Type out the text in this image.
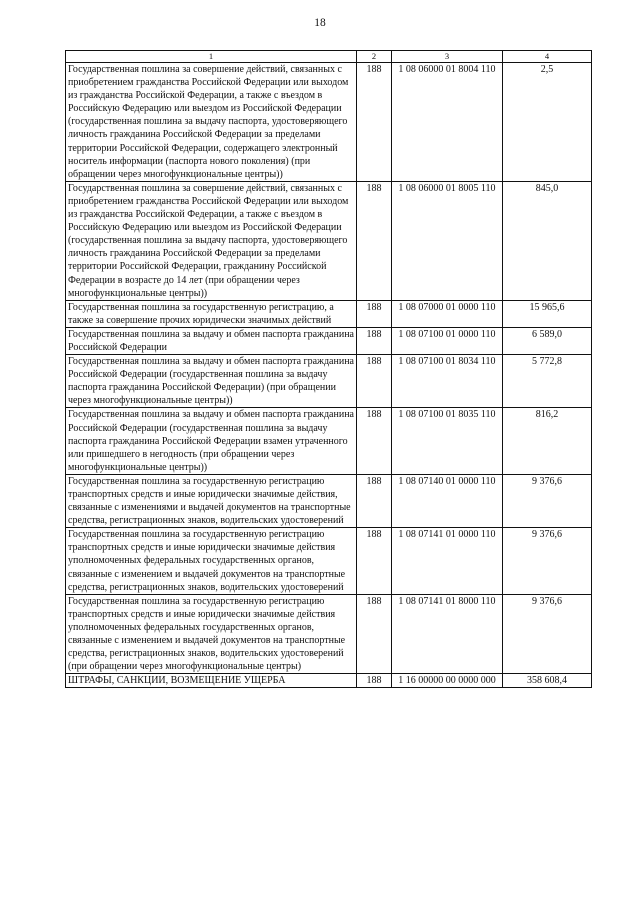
18
1	2	3	4
Государственная пошлина за совершение действий, связанных с приобретением гражданства Российской Федерации или выходом из гражданства Российской Федерации, а также с въездом в Российскую Федерацию или выездом из Российской Федерации (государственная пошлина за выдачу паспорта, удостоверяющего личность гражданина Российской Федерации за пределами территории Российской Федерации, содержащего электронный носитель информации (паспорта нового поколения) (при обращении через многофункциональные центры))	188	1 08 06000 01 8004 110	2,5
Государственная пошлина за совершение действий, связанных с приобретением гражданства Российской Федерации или выходом из гражданства Российской Федерации, а также с въездом в Российскую Федерацию или выездом из Российской Федерации (государственная пошлина за выдачу паспорта, удостоверяющего личность гражданина Российской Федерации за пределами территории Российской Федерации, гражданину Российской Федерации в возрасте до 14 лет (при обращении через многофункциональные центры))	188	1 08 06000 01 8005 110	845,0
Государственная пошлина за государственную регистрацию, а также за совершение прочих юридически значимых действий	188	1 08 07000 01 0000 110	15 965,6
Государственная пошлина за выдачу и обмен паспорта гражданина Российской Федерации	188	1 08 07100 01 0000 110	6 589,0
Государственная пошлина за выдачу и обмен паспорта гражданина Российской Федерации (государственная пошлина за выдачу паспорта гражданина Российской Федерации) (при обращении через многофункциональные центры))	188	1 08 07100 01 8034 110	5 772,8
Государственная пошлина за выдачу и обмен паспорта гражданина Российской Федерации (государственная пошлина за выдачу паспорта гражданина Российской Федерации взамен утраченного или пришедшего в негодность (при обращении через многофункциональные центры))	188	1 08 07100 01 8035 110	816,2
Государственная пошлина за государственную регистрацию транспортных средств и иные юридически значимые действия, связанные с изменениями и выдачей документов на транспортные средства, регистрационных знаков, водительских удостоверений	188	1 08 07140 01 0000 110	9 376,6
Государственная пошлина за государственную регистрацию транспортных средств и иные юридически значимые действия уполномоченных федеральных государственных органов, связанные с изменением и выдачей документов на транспортные средства, регистрационных знаков, водительских удостоверений	188	1 08 07141 01 0000 110	9 376,6
Государственная пошлина за государственную регистрацию транспортных средств и иные юридически значимые действия уполномоченных федеральных государственных органов, связанные с изменением и выдачей документов на транспортные средства, регистрационных знаков, водительских удостоверений (при обращении через многофункциональные центры)	188	1 08 07141 01 8000 110	9 376,6
ШТРАФЫ, САНКЦИИ, ВОЗМЕЩЕНИЕ УЩЕРБА	188	1 16 00000 00 0000 000	358 608,4
